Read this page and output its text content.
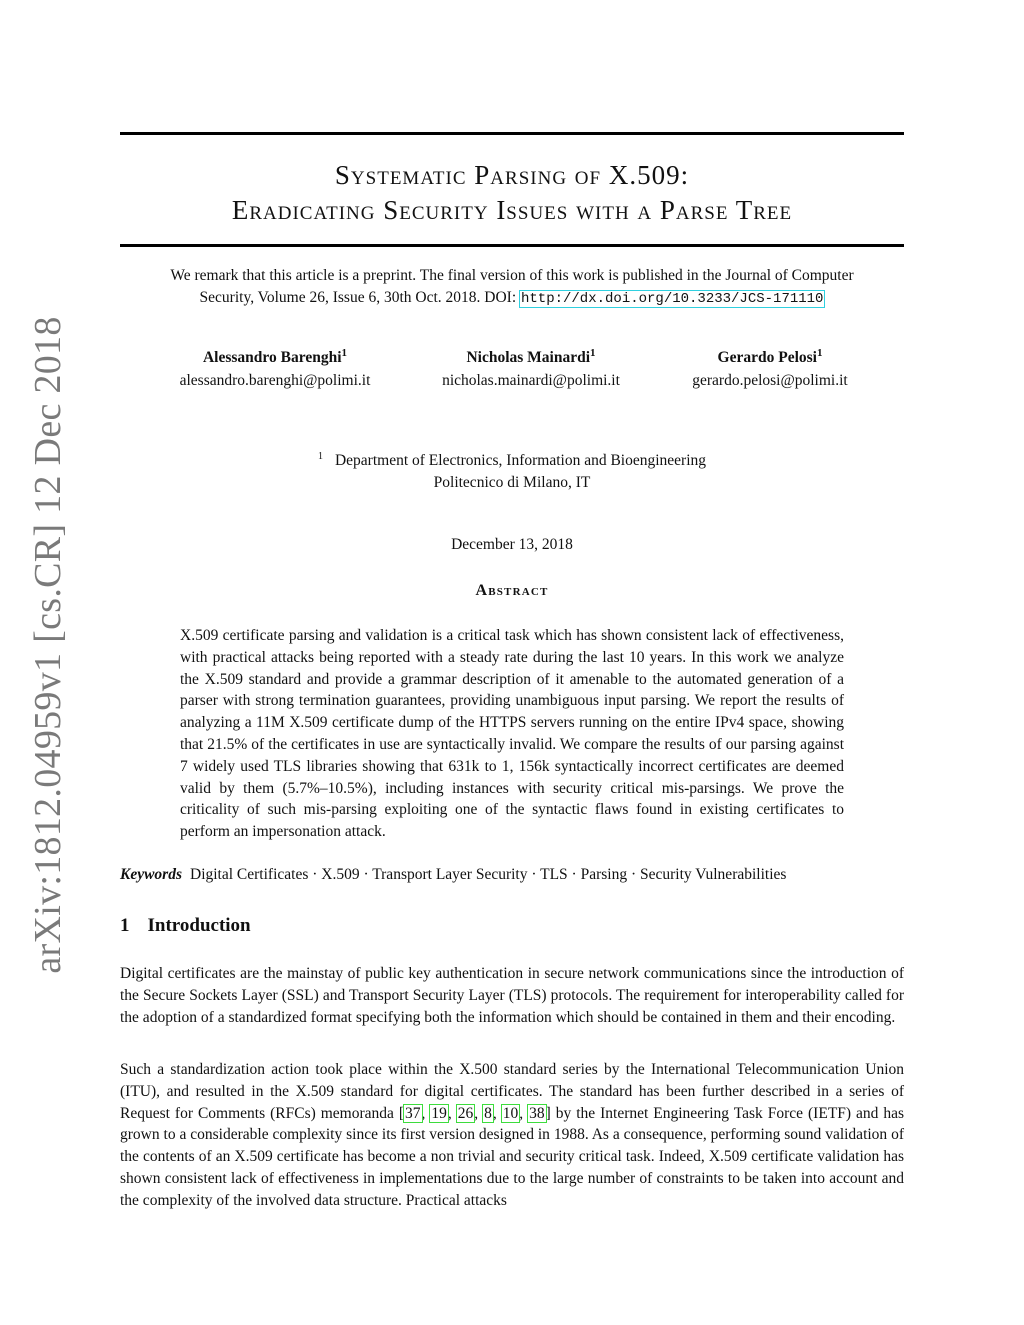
arXiv:1812.04959v1 [cs.CR] 12 Dec 2018
Systematic Parsing of X.509:
Eradicating Security Issues with a Parse Tree
We remark that this article is a preprint. The final version of this work is published in the Journal of Computer
Security, Volume 26, Issue 6, 30th Oct. 2018. DOI: http://dx.doi.org/10.3233/JCS-171110
Alessandro Barenghi$^1$
alessandro.barenghi@polimi.it
Nicholas Mainardi$^1$
nicholas.mainardi@polimi.it
Gerardo Pelosi$^1$
gerardo.pelosi@polimi.it
$^1$ Department of Electronics, Information and Bioengineering
Politecnico di Milano, IT
December 13, 2018
Abstract
X.509 certificate parsing and validation is a critical task which has shown consistent lack of effectiveness, with practical attacks being reported with a steady rate during the last 10 years. In this work we analyze the X.509 standard and provide a grammar description of it amenable to the automated generation of a parser with strong termination guarantees, providing unambiguous input parsing. We report the results of analyzing a 11M X.509 certificate dump of the HTTPS servers running on the entire IPv4 space, showing that 21.5% of the certificates in use are syntactically invalid. We compare the results of our parsing against 7 widely used TLS libraries showing that 631k to 1, 156k syntactically incorrect certificates are deemed valid by them (5.7%–10.5%), including instances with security critical mis-parsings. We prove the criticality of such mis-parsing exploiting one of the syntactic flaws found in existing certificates to perform an impersonation attack.
Keywords Digital Certificates · X.509 · Transport Layer Security · TLS · Parsing · Security Vulnerabilities
1 Introduction
Digital certificates are the mainstay of public key authentication in secure network communications since the introduction of the Secure Sockets Layer (SSL) and Transport Security Layer (TLS) protocols. The requirement for interoperability called for the adoption of a standardized format specifying both the information which should be contained in them and their encoding.
Such a standardization action took place within the X.500 standard series by the International Telecommunication Union (ITU), and resulted in the X.509 standard for digital certificates. The standard has been further described in a series of Request for Comments (RFCs) memoranda [37, 19, 26, 8, 10, 38] by the Internet Engineering Task Force (IETF) and has grown to a considerable complexity since its first version designed in 1988. As a consequence, performing sound validation of the contents of an X.509 certificate has become a non trivial and security critical task. Indeed, X.509 certificate validation has shown consistent lack of effectiveness in implementations due to the large number of constraints to be taken into account and the complexity of the involved data structure. Practical attacks
